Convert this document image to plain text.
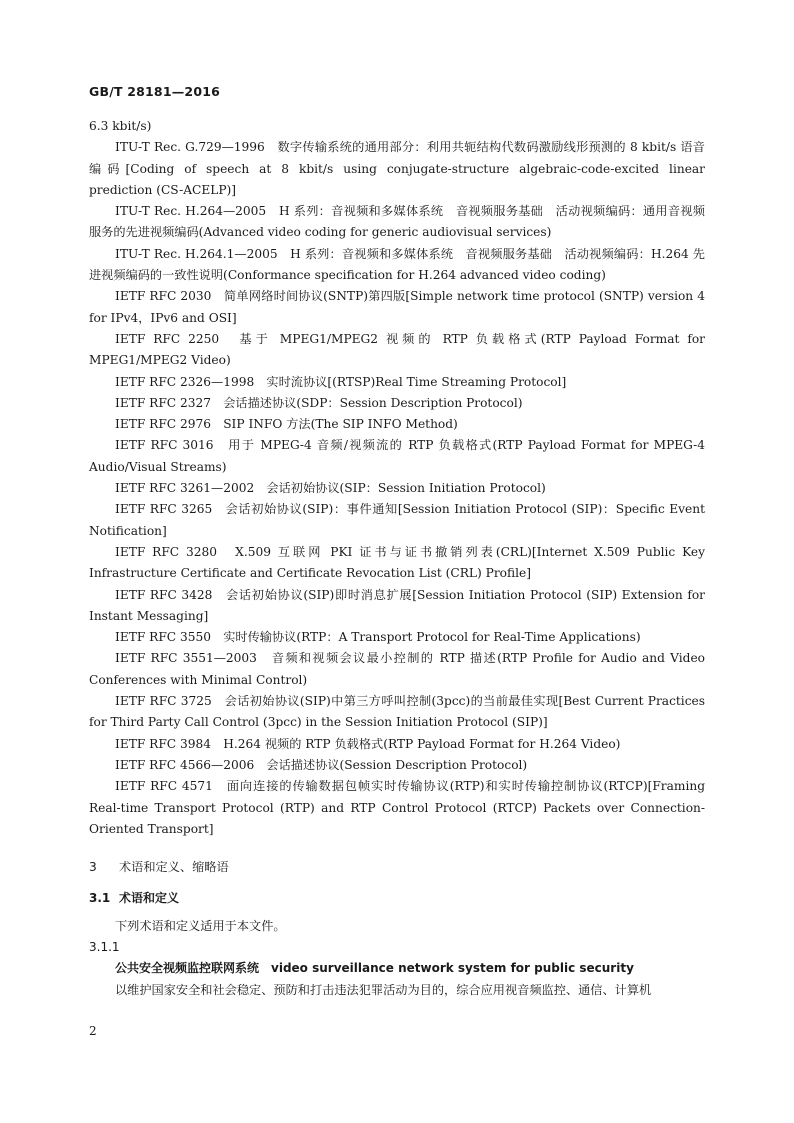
GB/T 28181—2016

6.3 kbit/s)

ITU-T Rec. G.729—1996　数字传输系统的通用部分：利用共轭结构代数码激励线形预测的 8 kbit/s 语音编码[Coding of speech at 8 kbit/s using conjugate-structure algebraic-code-excited linear prediction (CS-ACELP)]

ITU-T Rec. H.264—2005　H 系列：音视频和多媒体系统　音视频服务基础　活动视频编码：通用音视频服务的先进视频编码(Advanced video coding for generic audiovisual services)

ITU-T Rec. H.264.1—2005　H 系列：音视频和多媒体系统　音视频服务基础　活动视频编码：H.264 先进视频编码的一致性说明(Conformance specification for H.264 advanced video coding)

IETF RFC 2030　简单网络时间协议(SNTP)第四版[Simple network time protocol (SNTP) version 4 for IPv4，IPv6 and OSI]

IETF RFC 2250　基于 MPEG1/MPEG2 视频的 RTP 负载格式(RTP Payload Format for MPEG1/MPEG2 Video)

IETF RFC 2326—1998　实时流协议[(RTSP)Real Time Streaming Protocol]

IETF RFC 2327　会话描述协议(SDP：Session Description Protocol)

IETF RFC 2976　SIP INFO 方法(The SIP INFO Method)

IETF RFC 3016　用于 MPEG-4 音频/视频流的 RTP 负载格式(RTP Payload Format for MPEG-4 Audio/Visual Streams)

IETF RFC 3261—2002　会话初始协议(SIP：Session Initiation Protocol)

IETF RFC 3265　会话初始协议(SIP)：事件通知[Session Initiation Protocol (SIP)：Specific Event Notification]

IETF RFC 3280　X.509 互联网 PKI 证书与证书撤销列表(CRL)[Internet X.509 Public Key Infrastructure Certificate and Certificate Revocation List (CRL) Profile]

IETF RFC 3428　会话初始协议(SIP)即时消息扩展[Session Initiation Protocol (SIP) Extension for Instant Messaging]

IETF RFC 3550　实时传输协议(RTP：A Transport Protocol for Real-Time Applications)

IETF RFC 3551—2003　音频和视频会议最小控制的 RTP 描述(RTP Profile for Audio and Video Conferences with Minimal Control)

IETF RFC 3725　会话初始协议(SIP)中第三方呼叫控制(3pcc)的当前最佳实现[Best Current Practices for Third Party Call Control (3pcc) in the Session Initiation Protocol (SIP)]

IETF RFC 3984　H.264 视频的 RTP 负载格式(RTP Payload Format for H.264 Video)

IETF RFC 4566—2006　会话描述协议(Session Description Protocol)

IETF RFC 4571　面向连接的传输数据包帧实时传输协议(RTP)和实时传输控制协议(RTCP)[Framing Real-time Transport Protocol (RTP) and RTP Control Protocol (RTCP) Packets over Connection-Oriented Transport]

3 术语和定义、缩略语

3.1 术语和定义

下列术语和定义适用于本文件。

3.1.1

公共安全视频监控联网系统 video surveillance network system for public security

以维护国家安全和社会稳定、预防和打击违法犯罪活动为目的，综合应用视音频监控、通信、计算机

2
